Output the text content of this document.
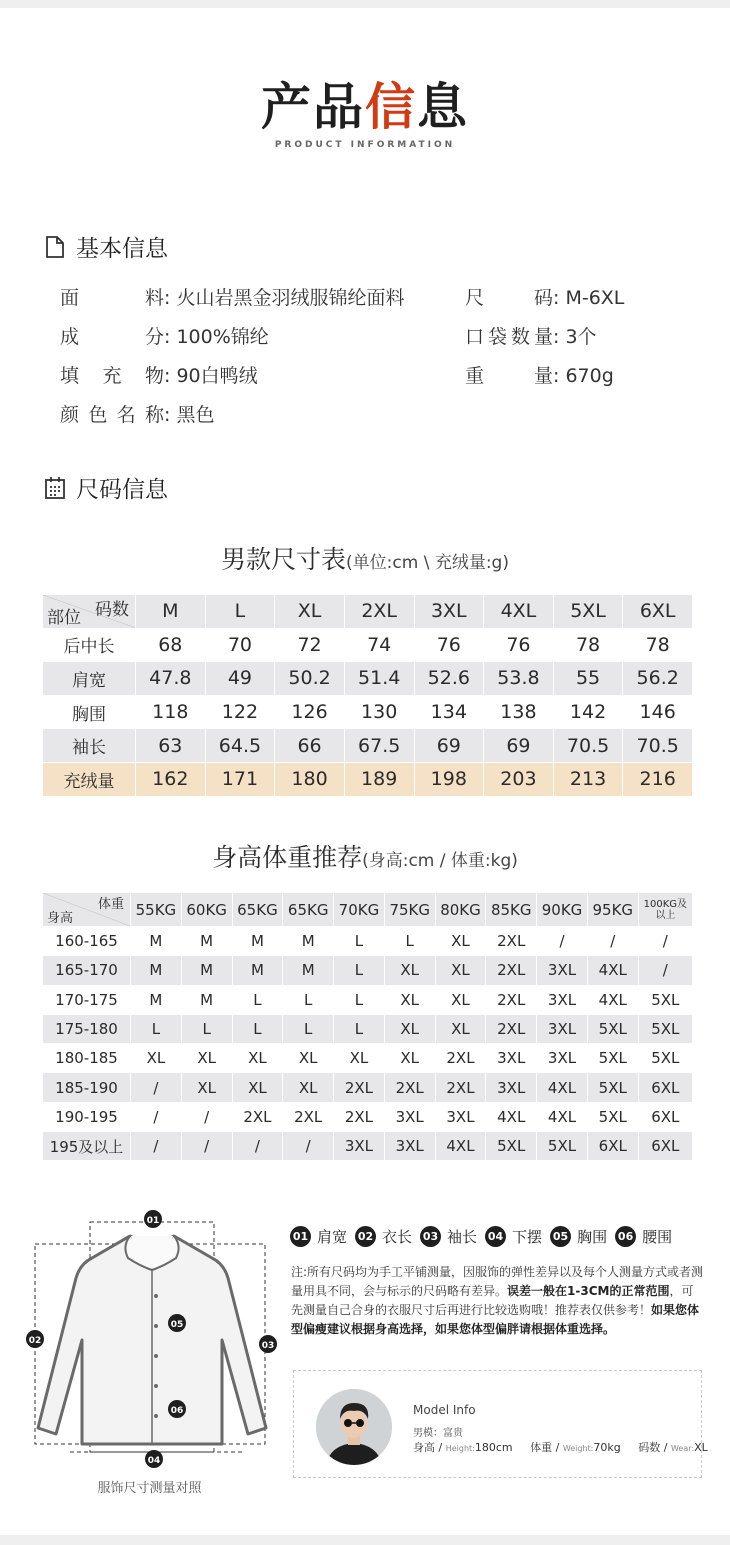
产品信息
PRODUCT INFORMATION
基本信息
面料: 火山岩黑金羽绒服锦纶面料
成分: 100%锦纶
填充物: 90白鸭绒
颜色名称: 黑色
尺码: M-6XL
口袋数量: 3个
重量: 670g
尺码信息
男款尺寸表(单位:cm \ 充绒量:g)
码数
部位	M	L	XL	2XL	3XL	4XL	5XL	6XL
后中长	68	70	72	74	76	76	78	78
肩宽	47.8	49	50.2	51.4	52.6	53.8	55	56.2
胸围	118	122	126	130	134	138	142	146
袖长	63	64.5	66	67.5	69	69	70.5	70.5
充绒量	162	171	180	189	198	203	213	216
身高体重推荐(身高:cm / 体重:kg)
体重
身高	55KG	60KG	65KG	65KG	70KG	75KG	80KG	85KG	90KG	95KG	100KG及
以上
160-165	M	M	M	M	L	L	XL	2XL	/	/	/
165-170	M	M	M	M	L	XL	XL	2XL	3XL	4XL	/
170-175	M	M	L	L	L	XL	XL	2XL	3XL	4XL	5XL
175-180	L	L	L	L	L	XL	XL	2XL	3XL	5XL	5XL
180-185	XL	XL	XL	XL	XL	XL	2XL	3XL	3XL	5XL	5XL
185-190	/	XL	XL	XL	2XL	2XL	2XL	3XL	4XL	5XL	6XL
190-195	/	/	2XL	2XL	2XL	3XL	3XL	4XL	4XL	5XL	6XL
195及以上	/	/	/	/	3XL	3XL	4XL	5XL	5XL	6XL	6XL
01
02	03
04
05
06
服饰尺寸测量对照
01 肩宽 02 衣长 03 袖长 04 下摆 05 胸围 06 腰围
注:所有尺码均为手工平铺测量，因服饰的弹性差异以及每个人测量方式或者测量用具不同，会与标示的尺码略有差异。误差一般在1-3CM的正常范围，可先测量自己合身的衣服尺寸后再进行比较选购哦！推荐表仅供参考！如果您体型偏瘦建议根据身高选择，如果您体型偏胖请根据体重选择。
Model Info
男模：富贵
身高 / Height:180cm 体重 / Weight:70kg 码数 / Wear:XL
